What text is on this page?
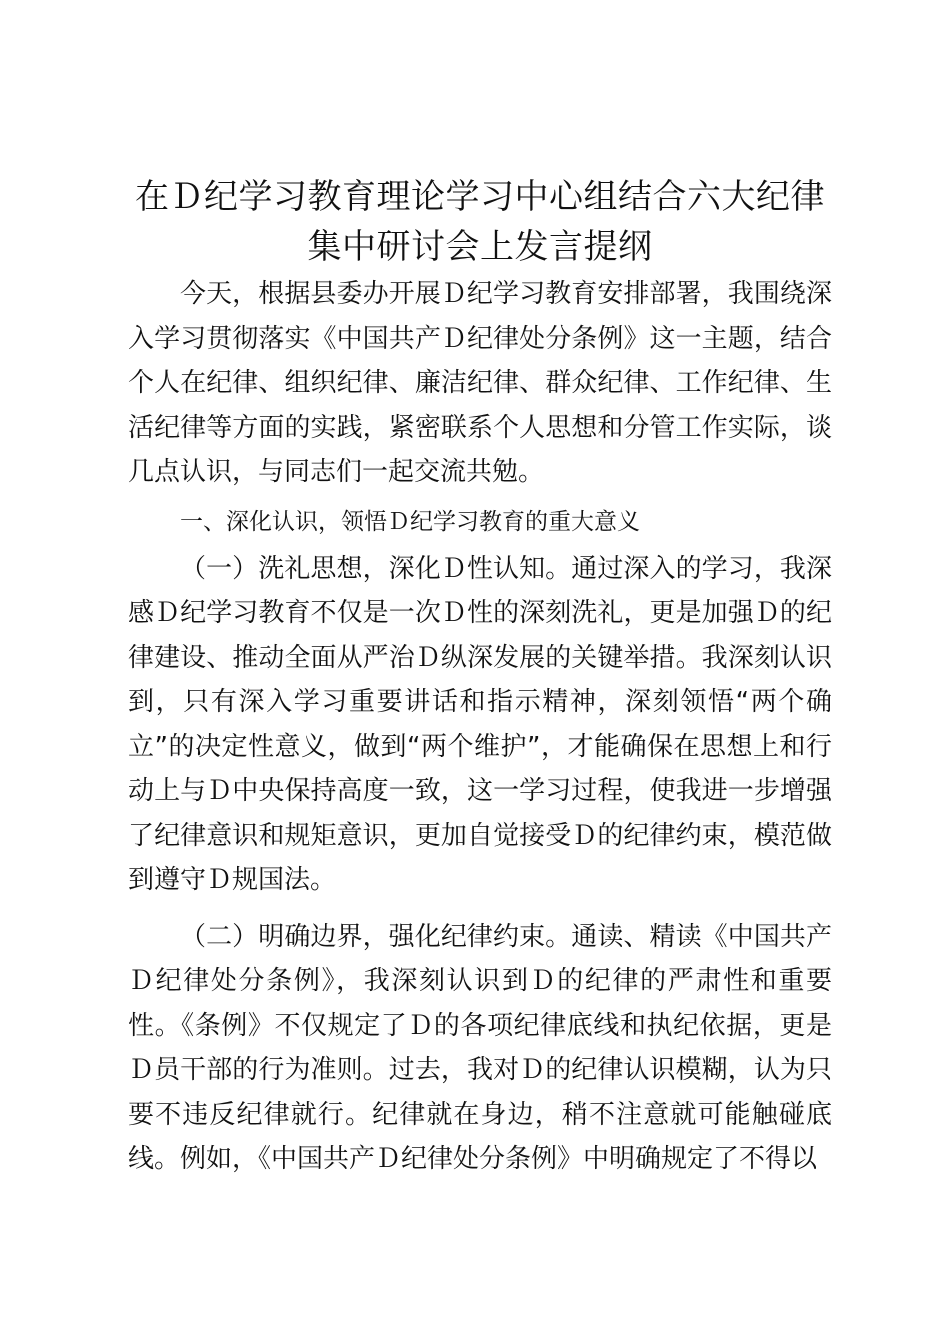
在Ｄ纪学习教育理论学习中心组结合六大纪律集中研讨会上发言提纲

今天，根据县委办开展Ｄ纪学习教育安排部署，我围绕深入学习贯彻落实《中国共产Ｄ纪律处分条例》这一主题，结合个人在纪律、组织纪律、廉洁纪律、群众纪律、工作纪律、生活纪律等方面的实践，紧密联系个人思想和分管工作实际，谈几点认识，与同志们一起交流共勉。

一、深化认识，领悟Ｄ纪学习教育的重大意义

（一）洗礼思想，深化Ｄ性认知。通过深入的学习，我深感Ｄ纪学习教育不仅是一次Ｄ性的深刻洗礼，更是加强Ｄ的纪律建设、推动全面从严治Ｄ纵深发展的关键举措。我深刻认识到，只有深入学习重要讲话和指示精神，深刻领悟“两个确立”的决定性意义，做到“两个维护”，才能确保在思想上和行动上与Ｄ中央保持高度一致，这一学习过程，使我进一步增强了纪律意识和规矩意识，更加自觉接受Ｄ的纪律约束，模范做到遵守Ｄ规国法。

（二）明确边界，强化纪律约束。通读、精读《中国共产Ｄ纪律处分条例》，我深刻认识到Ｄ的纪律的严肃性和重要性。《条例》不仅规定了Ｄ的各项纪律底线和执纪依据，更是Ｄ员干部的行为准则。过去，我对Ｄ的纪律认识模糊，认为只要不违反纪律就行。纪律就在身边，稍不注意就可能触碰底线。例如，《中国共产Ｄ纪律处分条例》中明确规定了不得以
